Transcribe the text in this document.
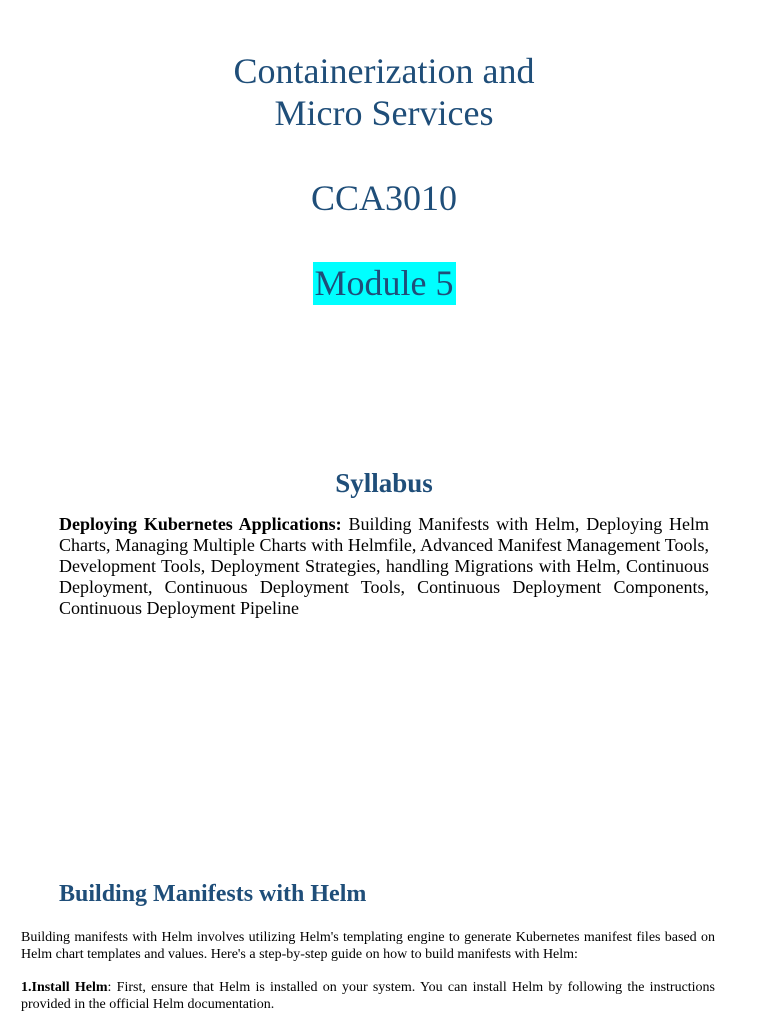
Containerization and
Micro Services
CCA3010
Module 5
Syllabus
Deploying Kubernetes Applications: Building Manifests with Helm, Deploying Helm Charts, Managing Multiple Charts with Helmfile, Advanced Manifest Management Tools, Development Tools, Deployment Strategies, handling Migrations with Helm, Continuous Deployment, Continuous Deployment Tools, Continuous Deployment Components, Continuous Deployment Pipeline
Building Manifests with Helm
Building manifests with Helm involves utilizing Helm's templating engine to generate Kubernetes manifest files based on Helm chart templates and values. Here's a step-by-step guide on how to build manifests with Helm:
1.Install Helm: First, ensure that Helm is installed on your system. You can install Helm by following the instructions provided in the official Helm documentation.
